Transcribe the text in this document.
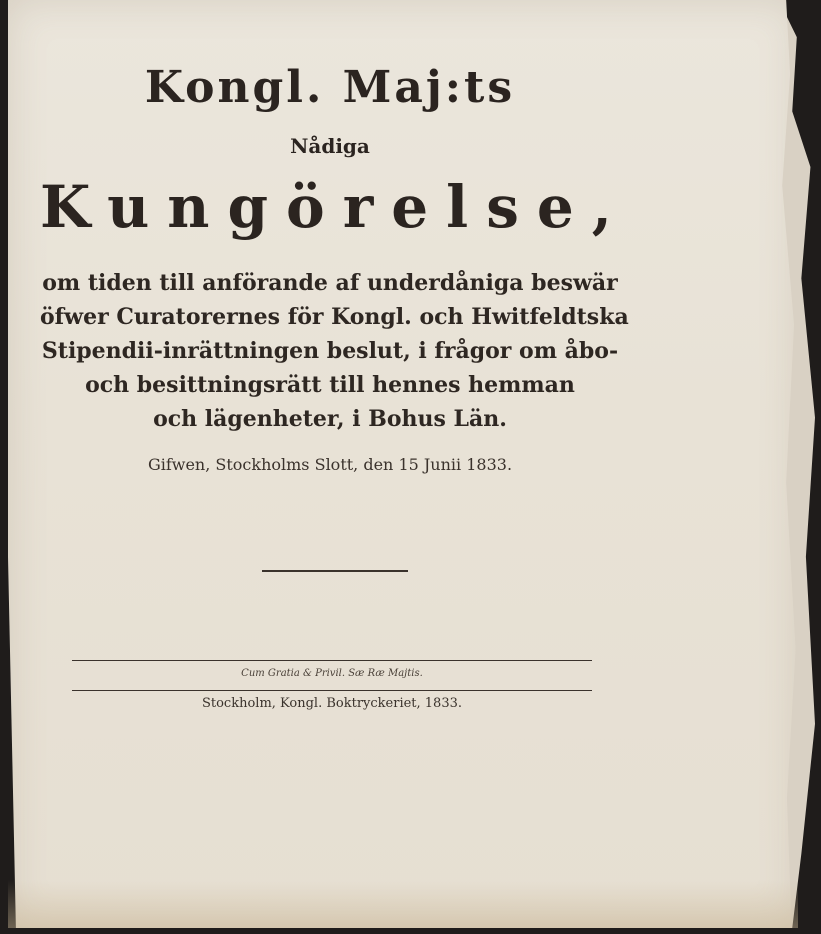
Kongl. Maj:ts
Nådiga
Kungörelse,
om tiden till anförande af underdåniga beswär
öfwer Curatorernes för Kongl. och Hwitfeldtska
Stipendii-inrättningen beslut, i frågor om åbo-
och besittningsrätt till hennes hemman
och lägenheter, i Bohus Län.
Gifwen, Stockholms Slott, den 15 Junii 1833.
Cum Gratia & Privil. Sæ Ræ Majtis.
Stockholm, Kongl. Boktryckeriet, 1833.
